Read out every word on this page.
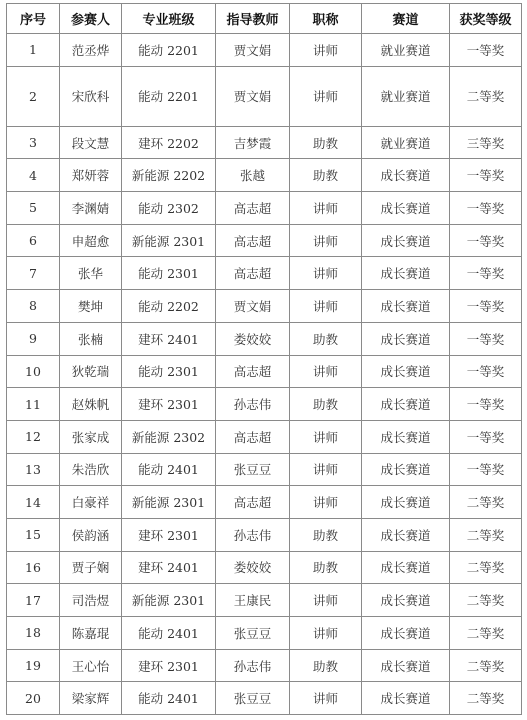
序号	参赛人	专业班级	指导教师	职称	赛道	获奖等级
1	范丞烨	能动 2201	贾文娟	讲师	就业赛道	一等奖
2	宋欣科	能动 2201	贾文娟	讲师	就业赛道	二等奖
3	段文慧	建环 2202	吉梦霞	助教	就业赛道	三等奖
4	郑妍蓉	新能源 2202	张越	助教	成长赛道	一等奖
5	李渊婧	能动 2302	高志超	讲师	成长赛道	一等奖
6	申超愈	新能源 2301	高志超	讲师	成长赛道	一等奖
7	张华	能动 2301	高志超	讲师	成长赛道	一等奖
8	樊坤	能动 2202	贾文娟	讲师	成长赛道	一等奖
9	张楠	建环 2401	娄姣姣	助教	成长赛道	一等奖
10	狄乾瑞	能动 2301	高志超	讲师	成长赛道	一等奖
11	赵姝帆	建环 2301	孙志伟	助教	成长赛道	一等奖
12	张家成	新能源 2302	高志超	讲师	成长赛道	一等奖
13	朱浩欣	能动 2401	张豆豆	讲师	成长赛道	一等奖
14	白豪祥	新能源 2301	高志超	讲师	成长赛道	二等奖
15	侯韵涵	建环 2301	孙志伟	助教	成长赛道	二等奖
16	贾子娴	建环 2401	娄姣姣	助教	成长赛道	二等奖
17	司浩煜	新能源 2301	王康民	讲师	成长赛道	二等奖
18	陈嘉琨	能动 2401	张豆豆	讲师	成长赛道	二等奖
19	王心怡	建环 2301	孙志伟	助教	成长赛道	二等奖
20	梁家辉	能动 2401	张豆豆	讲师	成长赛道	二等奖
